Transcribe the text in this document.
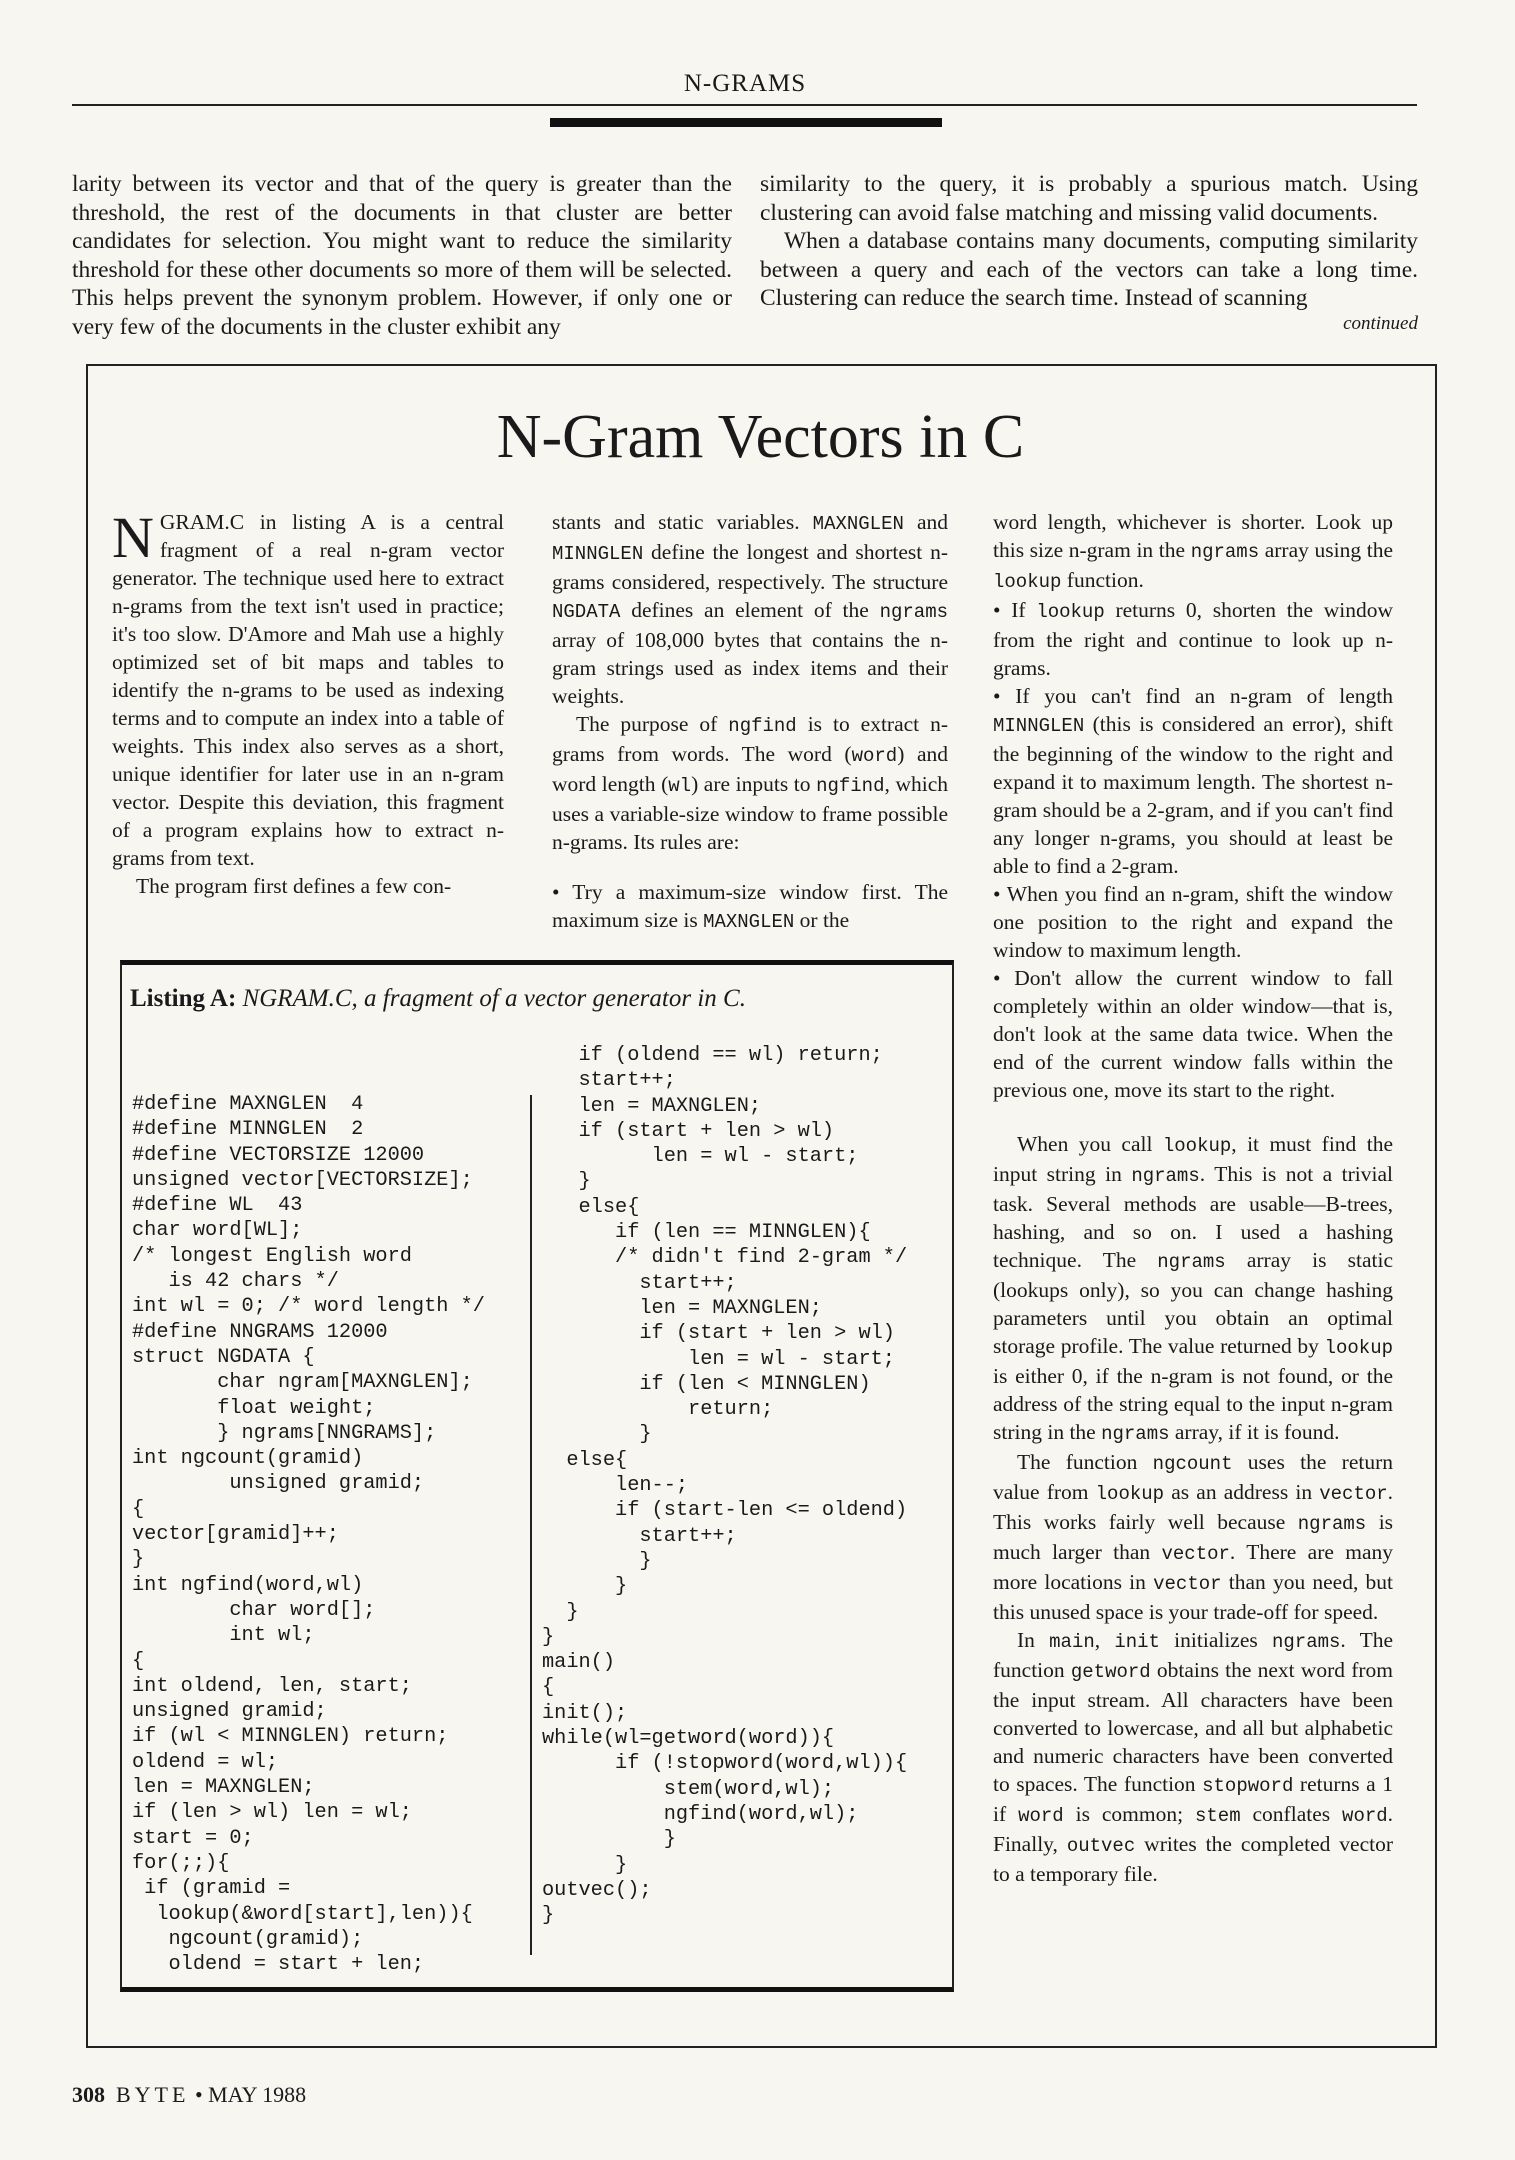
N-GRAMS

larity between its vector and that of the query is greater than the threshold, the rest of the documents in that cluster are better candidates for selection. You might want to reduce the similarity threshold for these other documents so more of them will be selected. This helps prevent the synonym problem. However, if only one or very few of the documents in the cluster exhibit any

similarity to the query, it is probably a spurious match. Using clustering can avoid false matching and missing valid documents.

When a database contains many documents, computing similarity between a query and each of the vectors can take a long time. Clustering can reduce the search time. Instead of scanning

continued
N-Gram Vectors in C

NGRAM.C in listing A is a central fragment of a real n-gram vector generator. The technique used here to extract n-grams from the text isn't used in practice; it's too slow. D'Amore and Mah use a highly optimized set of bit maps and tables to identify the n-grams to be used as indexing terms and to compute an index into a table of weights. This index also serves as a short, unique identifier for later use in an n-gram vector. Despite this deviation, this fragment of a program explains how to extract n-grams from text.

The program first defines a few con-

stants and static variables. MAXNGLEN and MINNGLEN define the longest and shortest n-grams considered, respectively. The structure NGDATA defines an element of the ngrams array of 108,000 bytes that contains the n-gram strings used as index items and their weights.

The purpose of ngfind is to extract n-grams from words. The word (word) and word length (wl) are inputs to ngfind, which uses a variable-size window to frame possible n-grams. Its rules are:

• Try a maximum-size window first. The maximum size is MAXNGLEN or the

word length, whichever is shorter. Look up this size n-gram in the ngrams array using the lookup function.

• If lookup returns 0, shorten the window from the right and continue to look up n-grams.

• If you can't find an n-gram of length MINNGLEN (this is considered an error), shift the beginning of the window to the right and expand it to maximum length. The shortest n-gram should be a 2-gram, and if you can't find any longer n-grams, you should at least be able to find a 2-gram.

• When you find an n-gram, shift the window one position to the right and expand the window to maximum length.

• Don't allow the current window to fall completely within an older window—that is, don't look at the same data twice. When the end of the current window falls within the previous one, move its start to the right.

When you call lookup, it must find the input string in ngrams. This is not a trivial task. Several methods are usable—B-trees, hashing, and so on. I used a hashing technique. The ngrams array is static (lookups only), so you can change hashing parameters until you obtain an optimal storage profile. The value returned by lookup is either 0, if the n-gram is not found, or the address of the string equal to the input n-gram string in the ngrams array, if it is found.

The function ngcount uses the return value from lookup as an address in vector. This works fairly well because ngrams is much larger than vector. There are many more locations in vector than you need, but this unused space is your trade-off for speed.

In main, init initializes ngrams. The function getword obtains the next word from the input stream. All characters have been converted to lowercase, and all but alphabetic and numeric characters have been converted to spaces. The function stopword returns a 1 if word is common; stem conflates word. Finally, outvec writes the completed vector to a temporary file.

Listing A: NGRAM.C, a fragment of a vector generator in C.
#define MAXNGLEN  4
#define MINNGLEN  2
#define VECTORSIZE 12000
unsigned vector[VECTORSIZE];
#define WL  43
char word[WL];
/* longest English word
is 42 chars */
int wl = 0; /* word length */
#define NNGRAMS 12000
struct NGDATA {
char ngram[MAXNGLEN];
float weight;
} ngrams[NNGRAMS];
int ngcount(gramid)
unsigned gramid;
{
vector[gramid]++;
}
int ngfind(word,wl)
char word[];
int wl;
{
int oldend, len, start;
unsigned gramid;
if (wl < MINNGLEN) return;
oldend = wl;
len = MAXNGLEN;
if (len > wl) len = wl;
start = 0;
for(;;){
if (gramid =
lookup(&word[start],len)){
ngcount(gramid);
oldend = start + len;
if (oldend == wl) return;
start++;
len = MAXNGLEN;
if (start + len > wl)
len = wl - start;
}
else{
if (len == MINNGLEN){
/* didn't find 2-gram */
start++;
len = MAXNGLEN;
if (start + len > wl)
len = wl - start;
if (len < MINNGLEN)
return;
}
else{
len--;
if (start-len <= oldend)
start++;
}
}
}
}
main()
{
init();
while(wl=getword(word)){
if (!stopword(word,wl)){
stem(word,wl);
ngfind(word,wl);
}
}
outvec();
}
308 BYTE • MAY 1988
